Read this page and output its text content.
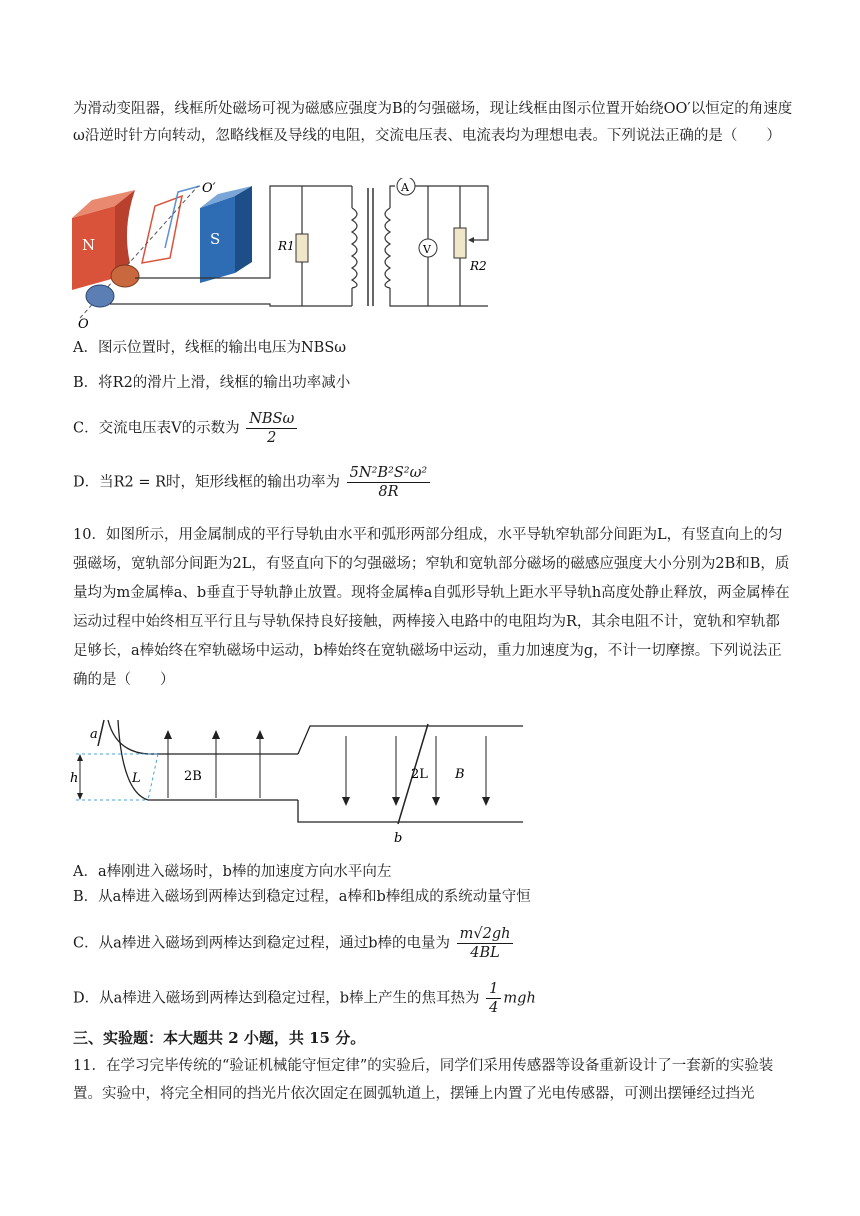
为滑动变阻器，线框所处磁场可视为磁感应强度为B的匀强磁场，现让线框由图示位置开始绕OO′以恒定的角速度ω沿逆时针方向转动，忽略线框及导线的电阻，交流电压表、电流表均为理想电表。下列说法正确的是（　　）
N	S
O′
O
R1
A
V
R2
A．图示位置时，线框的输出电压为NBSω
B．将R2的滑片上滑，线框的输出功率减小
C．交流电压表V的示数为 $\frac{\text{NBSω}}{2}$
D．当R2 = R时，矩形线框的输出功率为 $\frac{\text{5N²B²S²ω²}}{8R}$
10．如图所示，用金属制成的平行导轨由水平和弧形两部分组成，水平导轨窄轨部分间距为L，有竖直向上的匀强磁场，宽轨部分间距为2L，有竖直向下的匀强磁场；窄轨和宽轨部分磁场的磁感应强度大小分别为2B和B，质量均为m金属棒a、b垂直于导轨静止放置。现将金属棒a自弧形导轨上距水平导轨h高度处静止释放，两金属棒在运动过程中始终相互平行且与导轨保持良好接触，两棒接入电路中的电阻均为R，其余电阻不计，宽轨和窄轨都足够长，a棒始终在窄轨磁场中运动，b棒始终在宽轨磁场中运动，重力加速度为g，不计一切摩擦。下列说法正确的是（　　）
h
a
L	2B	2L B
b
A．a棒刚进入磁场时，b棒的加速度方向水平向左
B．从a棒进入磁场到两棒达到稳定过程，a棒和b棒组成的系统动量守恒
C．从a棒进入磁场到两棒达到稳定过程，通过b棒的电量为 $\frac{m√2gh}{4BL}$
D．从a棒进入磁场到两棒达到稳定过程，b棒上产生的焦耳热为 $\frac{1}{4}$ mgh
三、实验题：本大题共 2 小题，共 15 分。
11．在学习完毕传统的“验证机械能守恒定律”的实验后，同学们采用传感器等设备重新设计了一套新的实验装置。实验中，将完全相同的挡光片依次固定在圆弧轨道上，摆锤上内置了光电传感器，可测出摆锤经过挡光
